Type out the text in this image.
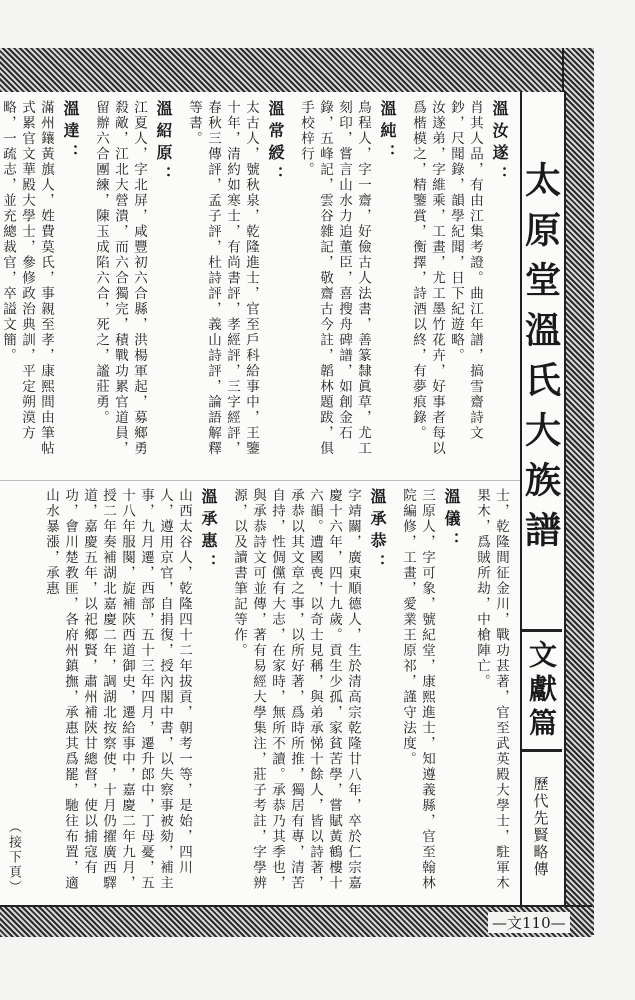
太原堂溫氏大族譜
文獻篇
歷代先賢略傳
溫汝遂：
肖其人品，有由江集考證。曲江年譜，搞雪齋詩文鈔，尺聞錄，韻學紀聞，日下紀遊略。
汝遂弟，字維乘，工畫，尤工墨竹花卉，好事者每以爲楷模之，精鑒賞，衡擇，詩酒以終，有夢痕錄。
溫純：
鳥程人，字一齋，好儉古人法書，善篆隸眞草，尤工刻印，嘗言山水力追董臣，喜搜舟碑譜，如創金石錄，五峰記，雲谷雜記，敬齋古今註，韜林題跋，俱手校梓行。
溫常綬：
太古人，號秋泉，乾隆進士，官至戶科給事中，王鑒十年，清約如寒士，有尚書評，孝經評，三字經評，春秋三傳評，孟子評，杜詩評，義山詩評，論語解釋等書。
溫紹原：
江夏人，字北屏，咸豐初六合縣，洪楊軍起，募鄉勇殺敵，江北大營潰，而六合獨完，積戰功累官道員，留辦六合團練，陳玉成陷六合，死之，謐莊勇。
溫達：
滿州鑲黃旗人，姓費莫氏，事親至孝，康熙間由筆帖式累官文華殿大學士，參修政治典訓，平定朔漠方略，一疏志，並充總裁官，卒謚文簡。
士，乾隆間征金川，戰功甚著，官至武英殿大學士，駐軍木果木，爲賊所劫，中槍陣亡。
溫儀：
三原人，字可象，號紀堂，康熙進士，知遵義縣，官至翰林院編修，工畫，愛業王原祁，謹守法度。
溫承恭：
字靖關，廣東順德人，生於清高宗乾隆廿八年，卒於仁宗嘉慶十六年，四十九歲。貢生少孤，家貧苦學，嘗賦黃鶴樓十六韻。遭國喪，以奇士見稱，與弟承悌十餘人，皆以詩著，承恭以其文章之事，以所好著，爲時所推，獨居有專，清苦自持，性倜儻有大志，在家時，無所不讀。承恭乃其季也，與承恭詩文可並傳，著有易經大學集注，莊子考註，字學辨源，以及讀書筆記等作。
溫承惠：
山西太谷人，乾隆四十二年拔貢，朝考一等，是始，四川人，遵用京官，自捐復，授內閣中書，以失察事被劾，補主事，九月遷，西部，五十三年四月，遷升郎中，丁母憂，五十八年服闋，旋補陝西道御史，遷給事中，嘉慶二年九月，授二年奏補湖北嘉慶二年，調湖北按察使，十月仍擢廣西驛道，嘉慶五年，以祀鄉賢，肅州補陝甘總督，使以捕寇有功，會川楚教匪，各府州鎮撫，承惠其爲罷，馳往布置，適山水暴漲，承惠
—文110—
（接下頁）
